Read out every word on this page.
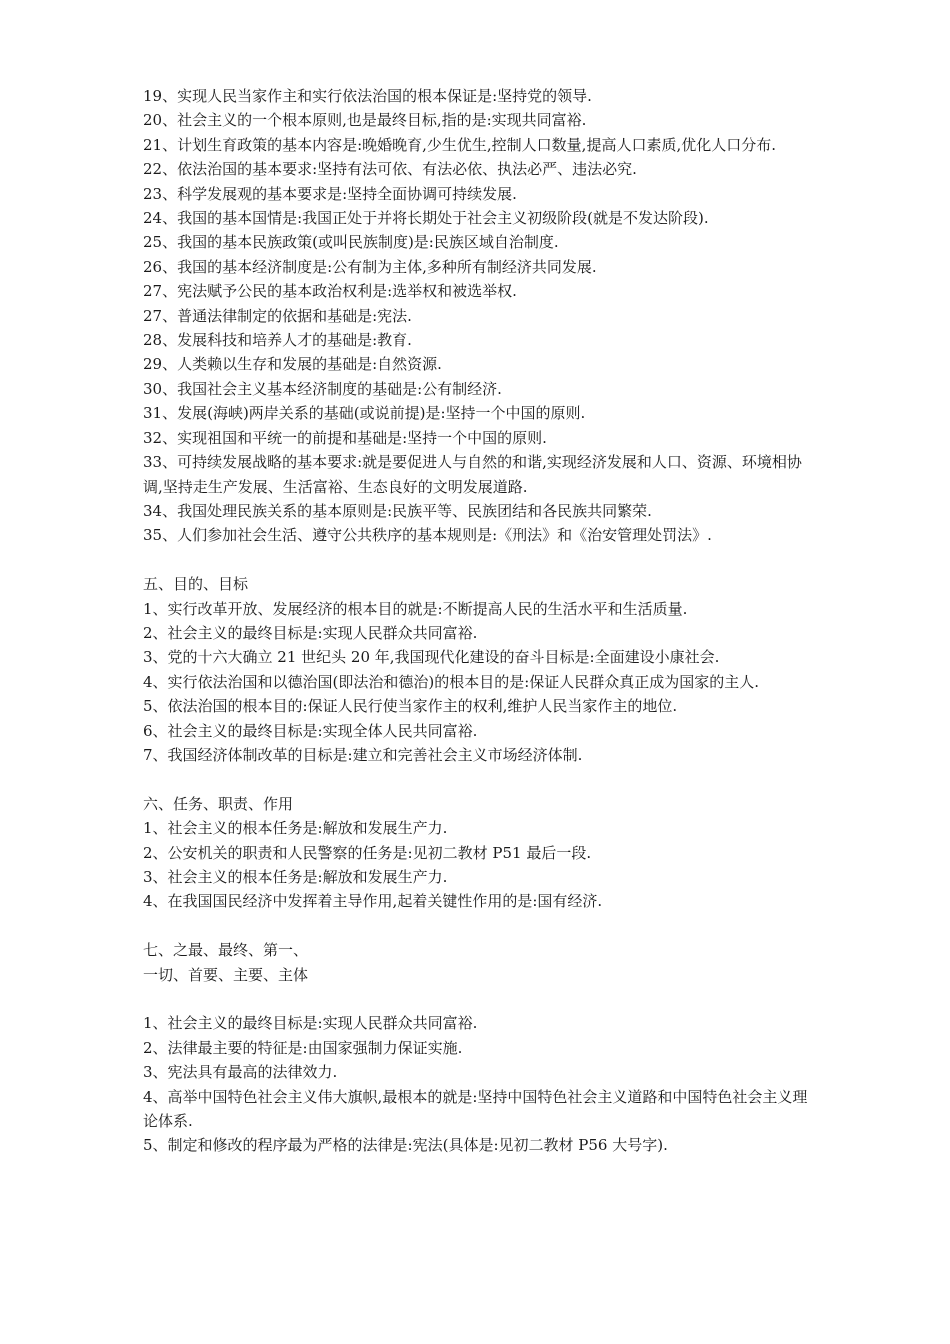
19、实现人民当家作主和实行依法治国的根本保证是:坚持党的领导.

20、社会主义的一个根本原则,也是最终目标,指的是:实现共同富裕.

21、计划生育政策的基本内容是:晚婚晚育,少生优生,控制人口数量,提高人口素质,优化人口分布.

22、依法治国的基本要求:坚持有法可依、有法必依、执法必严、违法必究.

23、科学发展观的基本要求是:坚持全面协调可持续发展.

24、我国的基本国情是:我国正处于并将长期处于社会主义初级阶段(就是不发达阶段).

25、我国的基本民族政策(或叫民族制度)是:民族区域自治制度.

26、我国的基本经济制度是:公有制为主体,多种所有制经济共同发展.

27、宪法赋予公民的基本政治权利是:选举权和被选举权.

27、普通法律制定的依据和基础是:宪法.

28、发展科技和培养人才的基础是:教育.

29、人类赖以生存和发展的基础是:自然资源.

30、我国社会主义基本经济制度的基础是:公有制经济.

31、发展(海峡)两岸关系的基础(或说前提)是:坚持一个中国的原则.

32、实现祖国和平统一的前提和基础是:坚持一个中国的原则.

33、可持续发展战略的基本要求:就是要促进人与自然的和谐,实现经济发展和人口、资源、环境相协调,坚持走生产发展、生活富裕、生态良好的文明发展道路.

34、我国处理民族关系的基本原则是:民族平等、民族团结和各民族共同繁荣.

35、人们参加社会生活、遵守公共秩序的基本规则是:《刑法》和《治安管理处罚法》.

五、目的、目标

1、实行改革开放、发展经济的根本目的就是:不断提高人民的生活水平和生活质量.

2、社会主义的最终目标是:实现人民群众共同富裕.

3、党的十六大确立 21 世纪头 20 年,我国现代化建设的奋斗目标是:全面建设小康社会.

4、实行依法治国和以德治国(即法治和德治)的根本目的是:保证人民群众真正成为国家的主人.

5、依法治国的根本目的:保证人民行使当家作主的权利,维护人民当家作主的地位.

6、社会主义的最终目标是:实现全体人民共同富裕.

7、我国经济体制改革的目标是:建立和完善社会主义市场经济体制.

六、任务、职责、作用

1、社会主义的根本任务是:解放和发展生产力.

2、公安机关的职责和人民警察的任务是:见初二教材 P51 最后一段.

3、社会主义的根本任务是:解放和发展生产力.

4、在我国国民经济中发挥着主导作用,起着关键性作用的是:国有经济.

七、之最、最终、第一、

一切、首要、主要、主体

1、社会主义的最终目标是:实现人民群众共同富裕.

2、法律最主要的特征是:由国家强制力保证实施.

3、宪法具有最高的法律效力.

4、高举中国特色社会主义伟大旗帜,最根本的就是:坚持中国特色社会主义道路和中国特色社会主义理论体系.

5、制定和修改的程序最为严格的法律是:宪法(具体是:见初二教材 P56 大号字).
